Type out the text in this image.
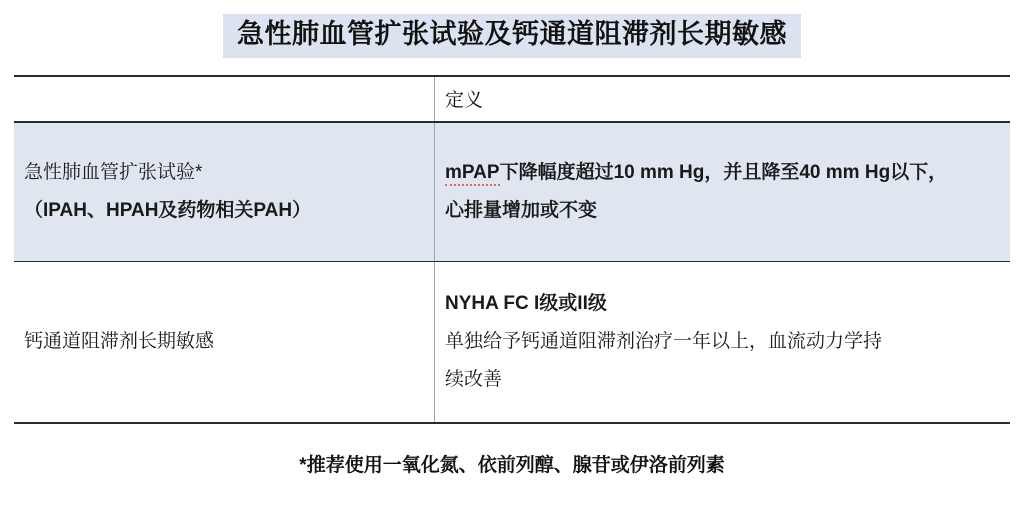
急性肺血管扩张试验及钙通道阻滞剂长期敏感
定义
急性肺血管扩张试验*
（IPAH、HPAH及药物相关PAH）
mPAP下降幅度超过10 mm Hg，并且降至40 mm Hg以下，
心排量增加或不变
钙通道阻滞剂长期敏感
NYHA FC I级或II级
单独给予钙通道阻滞剂治疗一年以上，血流动力学持
续改善
*推荐使用一氧化氮、依前列醇、腺苷或伊洛前列素
